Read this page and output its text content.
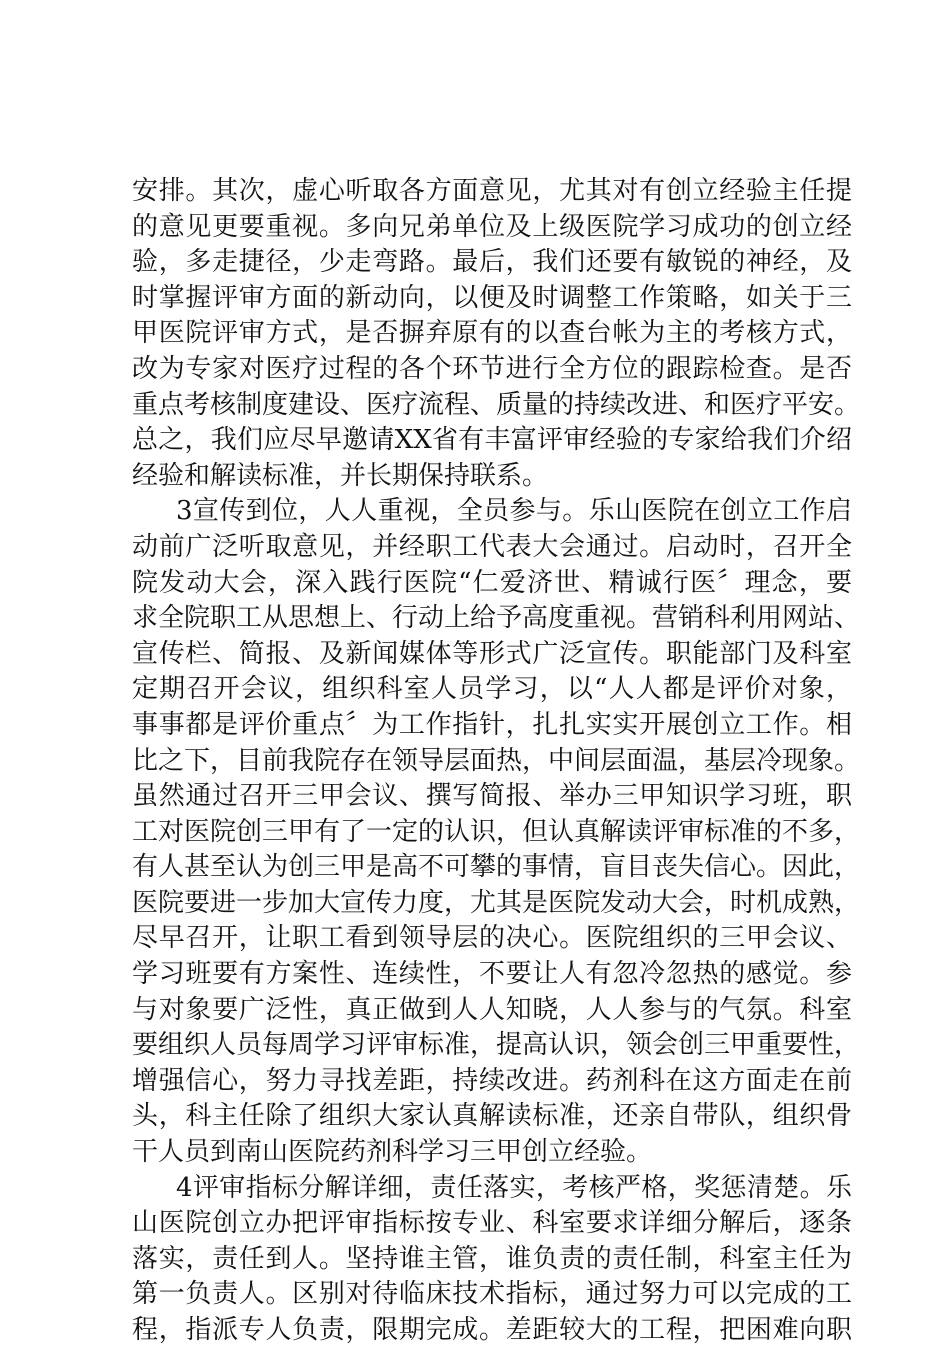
安排。其次，虚心听取各方面意见，尤其对有创立经验主任提
的意见更要重视。多向兄弟单位及上级医院学习成功的创立经
验，多走捷径，少走弯路。最后，我们还要有敏锐的神经，及
时掌握评审方面的新动向，以便及时调整工作策略，如关于三
甲医院评审方式，是否摒弃原有的以查台帐为主的考核方式，
改为专家对医疗过程的各个环节进行全方位的跟踪检查。是否
重点考核制度建设、医疗流程、质量的持续改进、和医疗平安。
总之，我们应尽早邀请XX省有丰富评审经验的专家给我们介绍
经验和解读标准，并长期保持联系。
3宣传到位，人人重视，全员参与。乐山医院在创立工作启
动前广泛听取意见，并经职工代表大会通过。启动时，召开全
院发动大会，深入践行医院“仁爱济世、精诚行医〞理念，要
求全院职工从思想上、行动上给予高度重视。营销科利用网站、
宣传栏、简报、及新闻媒体等形式广泛宣传。职能部门及科室
定期召开会议，组织科室人员学习，以“人人都是评价对象，
事事都是评价重点〞为工作指针，扎扎实实开展创立工作。相
比之下，目前我院存在领导层面热，中间层面温，基层冷现象。
虽然通过召开三甲会议、撰写简报、举办三甲知识学习班，职
工对医院创三甲有了一定的认识，但认真解读评审标准的不多，
有人甚至认为创三甲是高不可攀的事情，盲目丧失信心。因此，
医院要进一步加大宣传力度，尤其是医院发动大会，时机成熟，
尽早召开，让职工看到领导层的决心。医院组织的三甲会议、
学习班要有方案性、连续性，不要让人有忽冷忽热的感觉。参
与对象要广泛性，真正做到人人知晓，人人参与的气氛。科室
要组织人员每周学习评审标准，提高认识，领会创三甲重要性，
增强信心，努力寻找差距，持续改进。药剂科在这方面走在前
头，科主任除了组织大家认真解读标准，还亲自带队，组织骨
干人员到南山医院药剂科学习三甲创立经验。
4评审指标分解详细，责任落实，考核严格，奖惩清楚。乐
山医院创立办把评审指标按专业、科室要求详细分解后，逐条
落实，责任到人。坚持谁主管，谁负责的责任制，科室主任为
第一负责人。区别对待临床技术指标，通过努力可以完成的工
程，指派专人负责，限期完成。差距较大的工程，把困难向职
